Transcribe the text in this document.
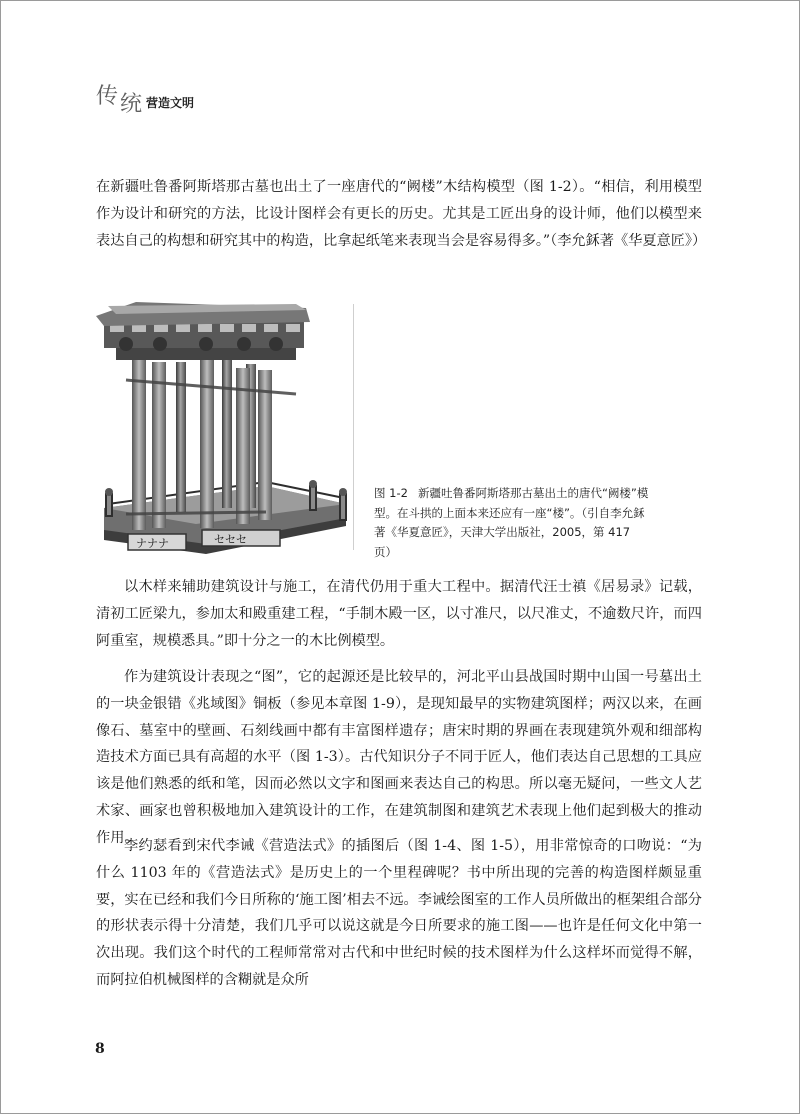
传 统 营造文明

在新疆吐鲁番阿斯塔那古墓也出土了一座唐代的“阙楼”木结构模型（图 1-2）。“相信，利用模型作为设计和研究的方法，比设计图样会有更长的历史。尤其是工匠出身的设计师，他们以模型来表达自己的构想和研究其中的构造，比拿起纸笔来表现当会是容易得多。”（李允鉌著《华夏意匠》）

ナナナ	セセセ

图 1-2 新疆吐鲁番阿斯塔那古墓出土的唐代“阙楼”模型。在斗拱的上面本来还应有一座“楼”。（引自李允鉌著《华夏意匠》，天津大学出版社，2005，第 417 页）

以木样来辅助建筑设计与施工，在清代仍用于重大工程中。据清代汪士禛《居易录》记载，清初工匠梁九，参加太和殿重建工程，“手制木殿一区，以寸准尺，以尺准丈，不逾数尺许，而四阿重室，规模悉具。”即十分之一的木比例模型。

作为建筑设计表现之“图”，它的起源还是比较早的，河北平山县战国时期中山国一号墓出土的一块金银错《兆域图》铜板（参见本章图 1-9），是现知最早的实物建筑图样；两汉以来，在画像石、墓室中的壁画、石刻线画中都有丰富图样遗存；唐宋时期的界画在表现建筑外观和细部构造技术方面已具有高超的水平（图 1-3）。古代知识分子不同于匠人，他们表达自己思想的工具应该是他们熟悉的纸和笔，因而必然以文字和图画来表达自己的构思。所以毫无疑问，一些文人艺术家、画家也曾积极地加入建筑设计的工作，在建筑制图和建筑艺术表现上他们起到极大的推动作用。

李约瑟看到宋代李诫《营造法式》的插图后（图 1-4、图 1-5），用非常惊奇的口吻说：“为什么 1103 年的《营造法式》是历史上的一个里程碑呢？书中所出现的完善的构造图样颇显重要，实在已经和我们今日所称的‘施工图’相去不远。李诫绘图室的工作人员所做出的框架组合部分的形状表示得十分清楚，我们几乎可以说这就是今日所要求的施工图——也许是任何文化中第一次出现。我们这个时代的工程师常常对古代和中世纪时候的技术图样为什么这样坏而觉得不解，而阿拉伯机械图样的含糊就是众所

8
